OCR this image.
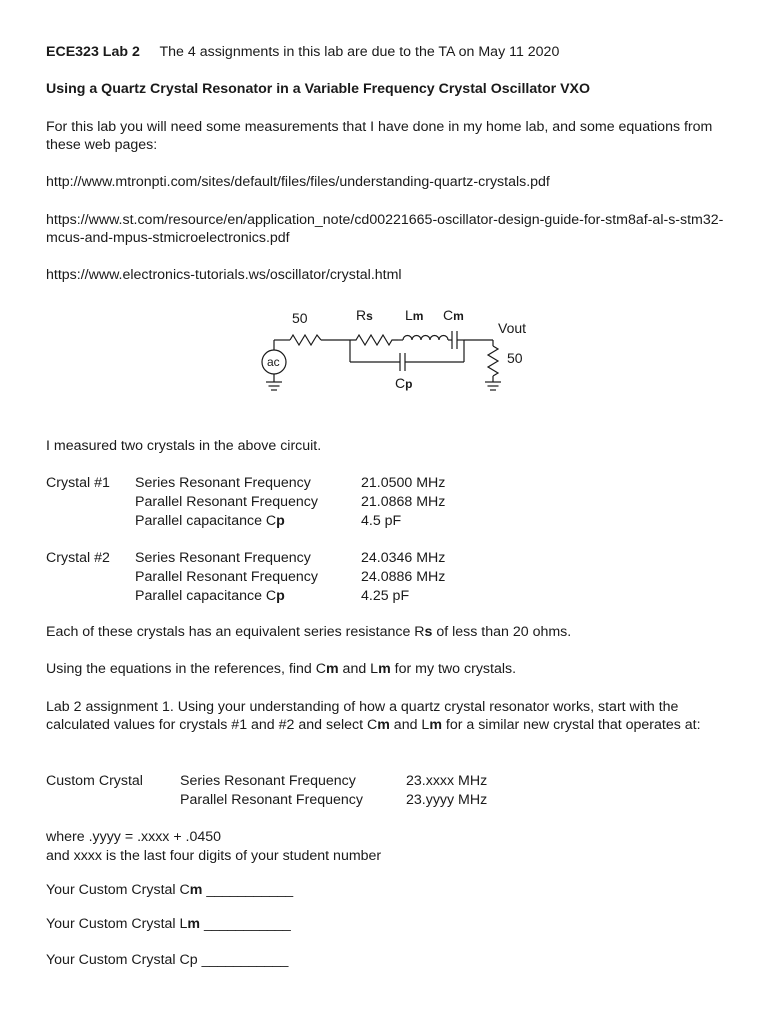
ECE323 Lab 2 The 4 assignments in this lab are due to the TA on May 11 2020
Using a Quartz Crystal Resonator in a Variable Frequency Crystal Oscillator VXO
For this lab you will need some measurements that I have done in my home lab, and some equations from these web pages:
http://www.mtronpti.com/sites/default/files/files/understanding-quartz-crystals.pdf
https://www.st.com/resource/en/application_note/cd00221665-oscillator-design-guide-for-stm8af-al-s-stm32-mcus-and-mpus-stmicroelectronics.pdf
https://www.electronics-tutorials.ws/oscillator/crystal.html
ac
50	Rs Lm Cm
Vout
50
Cp
I measured two crystals in the above circuit.
Crystal #1 Series Resonant Frequency	21.0500 MHz
Parallel Resonant Frequency	21.0868 MHz
Parallel capacitance Cp	4.5 pF
Crystal #2 Series Resonant Frequency	24.0346 MHz
Parallel Resonant Frequency	24.0886 MHz
Parallel capacitance Cp	4.25 pF
Each of these crystals has an equivalent series resistance Rs of less than 20 ohms.
Using the equations in the references, find Cm and Lm for my two crystals.
Lab 2 assignment 1. Using your understanding of how a quartz crystal resonator works, start with the calculated values for crystals #1 and #2 and select Cm and Lm for a similar new crystal that operates at:
Custom Crystal	Series Resonant Frequency	23.xxxx MHz
Parallel Resonant Frequency	23.yyyy MHz
where .yyyy = .xxxx + .0450
and xxxx is the last four digits of your student number
Your Custom Crystal Cm ___________
Your Custom Crystal Lm ___________
Your Custom Crystal Cp ___________
